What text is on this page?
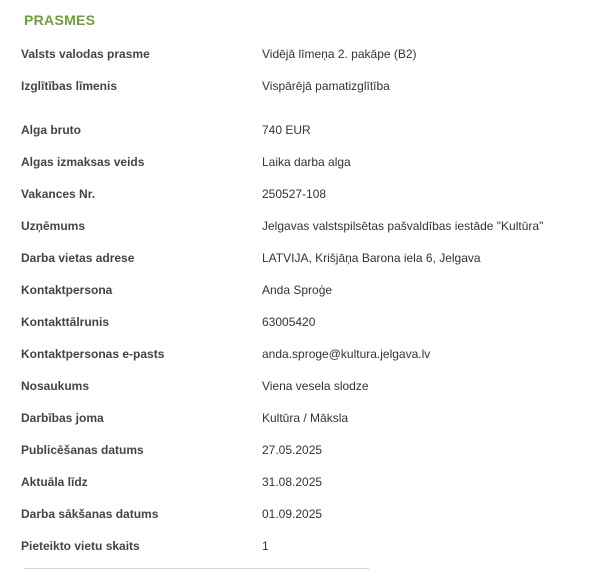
PRASMES
Valsts valodas prasme	Vidējā līmeņa 2. pakāpe (B2)
Izglītības līmenis	Vispārējā pamatizglītība
Alga bruto	740 EUR
Algas izmaksas veids	Laika darba alga
Vakances Nr.	250527-108
Uzņēmums	Jelgavas valstspilsētas pašvaldības iestāde "Kultūra"
Darba vietas adrese	LATVIJA, Krišjāņa Barona iela 6, Jelgava
Kontaktpersona	Anda Sproģe
Kontakttālrunis	63005420
Kontaktpersonas e-pasts	anda.sproge@kultura.jelgava.lv
Nosaukums	Viena vesela slodze
Darbības joma	Kultūra / Māksla
Publicēšanas datums	27.05.2025
Aktuāla līdz	31.08.2025
Darba sākšanas datums	01.09.2025
Pieteikto vietu skaits	1
